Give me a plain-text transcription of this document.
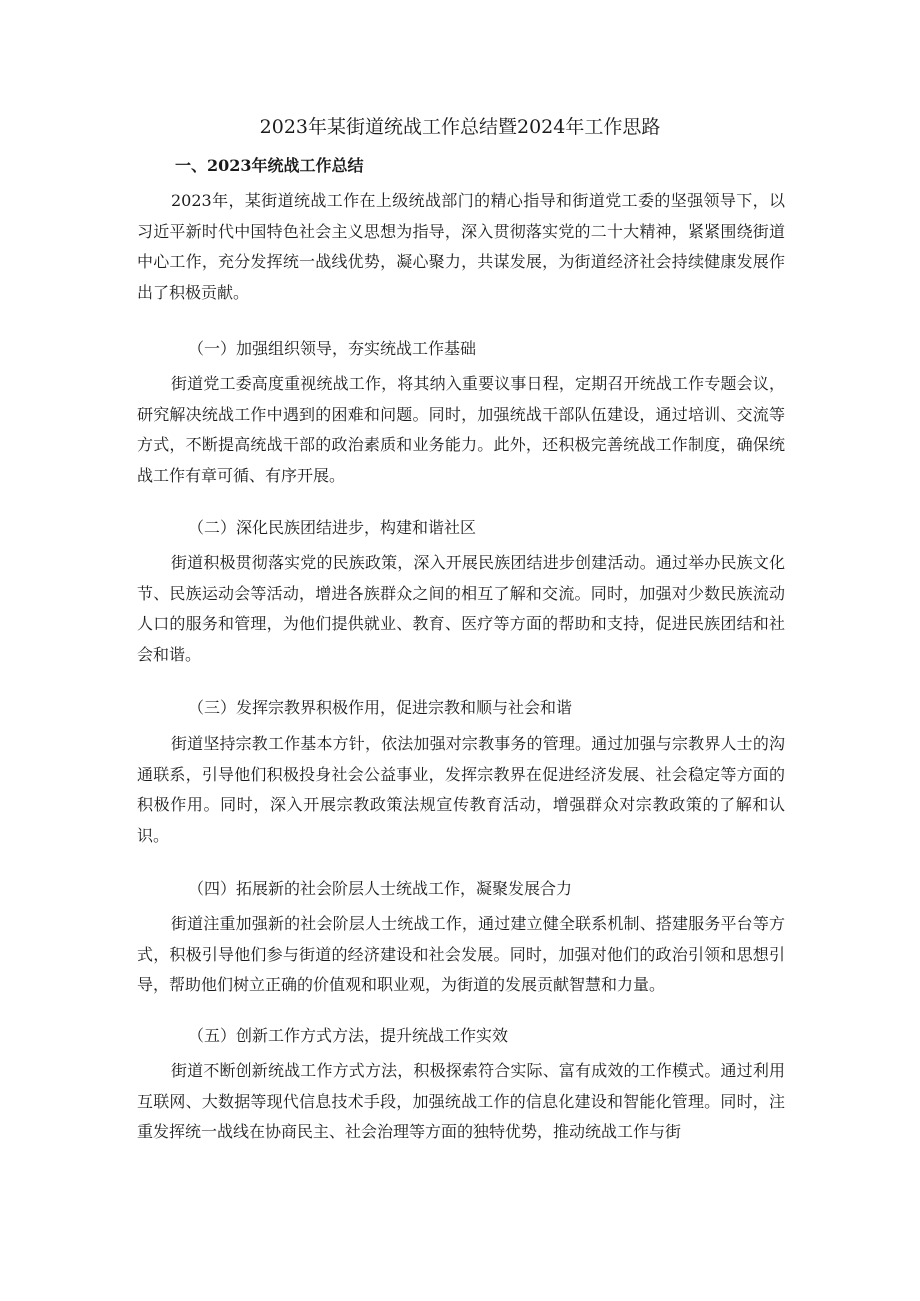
2023年某街道统战工作总结暨2024年工作思路
一、2023年统战工作总结

2023年，某街道统战工作在上级统战部门的精心指导和街道党工委的坚强领导下，以习近平新时代中国特色社会主义思想为指导，深入贯彻落实党的二十大精神，紧紧围绕街道中心工作，充分发挥统一战线优势，凝心聚力，共谋发展，为街道经济社会持续健康发展作出了积极贡献。

（一）加强组织领导，夯实统战工作基础

街道党工委高度重视统战工作，将其纳入重要议事日程，定期召开统战工作专题会议，研究解决统战工作中遇到的困难和问题。同时，加强统战干部队伍建设，通过培训、交流等方式，不断提高统战干部的政治素质和业务能力。此外，还积极完善统战工作制度，确保统战工作有章可循、有序开展。

（二）深化民族团结进步，构建和谐社区

街道积极贯彻落实党的民族政策，深入开展民族团结进步创建活动。通过举办民族文化节、民族运动会等活动，增进各族群众之间的相互了解和交流。同时，加强对少数民族流动人口的服务和管理，为他们提供就业、教育、医疗等方面的帮助和支持，促进民族团结和社会和谐。

（三）发挥宗教界积极作用，促进宗教和顺与社会和谐

街道坚持宗教工作基本方针，依法加强对宗教事务的管理。通过加强与宗教界人士的沟通联系，引导他们积极投身社会公益事业，发挥宗教界在促进经济发展、社会稳定等方面的积极作用。同时，深入开展宗教政策法规宣传教育活动，增强群众对宗教政策的了解和认识。

（四）拓展新的社会阶层人士统战工作，凝聚发展合力

街道注重加强新的社会阶层人士统战工作，通过建立健全联系机制、搭建服务平台等方式，积极引导他们参与街道的经济建设和社会发展。同时，加强对他们的政治引领和思想引导，帮助他们树立正确的价值观和职业观，为街道的发展贡献智慧和力量。

（五）创新工作方式方法，提升统战工作实效

街道不断创新统战工作方式方法，积极探索符合实际、富有成效的工作模式。通过利用互联网、大数据等现代信息技术手段，加强统战工作的信息化建设和智能化管理。同时，注重发挥统一战线在协商民主、社会治理等方面的独特优势，推动统战工作与街
